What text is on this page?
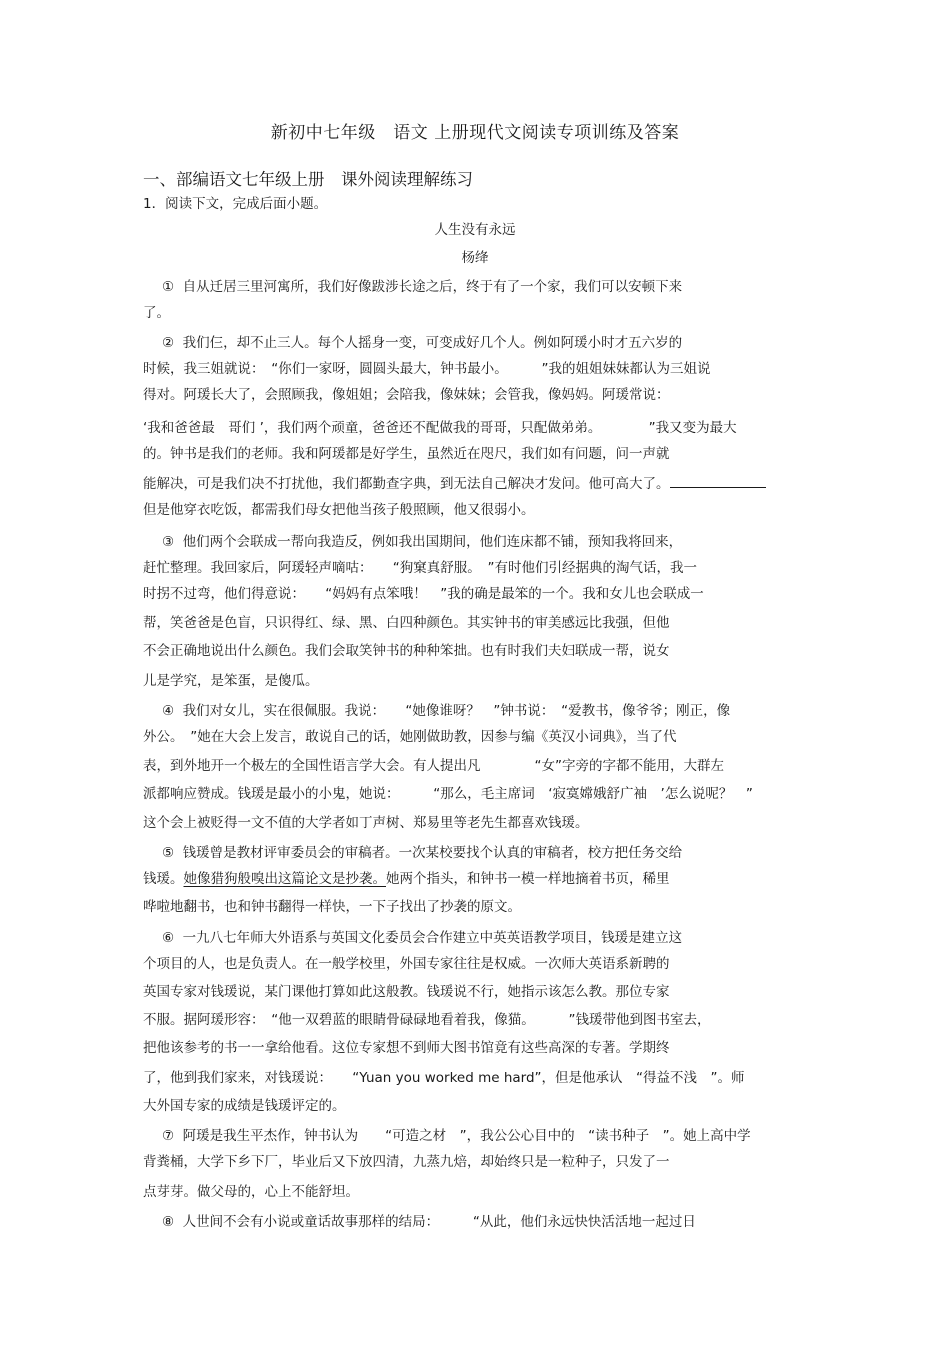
新初中七年级　语文 上册现代文阅读专项训练及答案
一、部编语文七年级上册　课外阅读理解练习
1．阅读下文，完成后面小题。
人生没有永远
杨绛
①  自从迁居三里河寓所，我们好像跋涉长途之后，终于有了一个家，我们可以安顿下来
了。
②  我们仨，却不止三人。每个人摇身一变，可变成好几个人。例如阿瑗小时才五六岁的
时候，我三姐就说：　“你们一家呀，圆圆头最大，钟书最小。　　　”我的姐姐妹妹都认为三姐说
得对。阿瑗长大了，会照顾我，像姐姐；会陪我，像妹妹；会管我，像妈妈。阿瑗常说：
‘我和爸爸最　哥们 ’，我们两个顽童，爸爸还不配做我的哥哥，只配做弟弟。　　　　”我又变为最大
的。钟书是我们的老师。我和阿瑗都是好学生，虽然近在咫尺，我们如有问题，问一声就
能解决，可是我们决不打扰他，我们都勤查字典，到无法自己解决才发问。他可高大了。
但是他穿衣吃饭，都需我们母女把他当孩子般照顾，他又很弱小。
③  他们两个会联成一帮向我造反，例如我出国期间，他们连床都不铺，预知我将回来，
赶忙整理。我回家后，阿瑗轻声嘀咕：　　“狗窠真舒服。　”有时他们引经据典的淘气话，我一
时拐不过弯，他们得意说：　　“妈妈有点笨哦！　”我的确是最笨的一个。我和女儿也会联成一
帮，笑爸爸是色盲，只识得红、绿、黑、白四种颜色。其实钟书的审美感远比我强，但他
不会正确地说出什么颜色。我们会取笑钟书的种种笨拙。也有时我们夫妇联成一帮，说女
儿是学究，是笨蛋，是傻瓜。
④  我们对女儿，实在很佩服。我说：　　“她像谁呀？　”钟书说：　“爱教书，像爷爷；刚正，像
外公。　”她在大会上发言，敢说自己的话，她刚做助教，因参与编《英汉小词典》，当了代
表，到外地开一个极左的全国性语言学大会。有人提出凡　　　　“女”字旁的字都不能用，大群左
派都响应赞成。钱瑗是最小的小鬼，她说：　　　“那么，毛主席词　‘寂寞嫦娥舒广袖　’怎么说呢？　”
这个会上被贬得一文不值的大学者如丁声树、郑易里等老先生都喜欢钱瑗。
⑤  钱瑗曾是教材评审委员会的审稿者。一次某校要找个认真的审稿者，校方把任务交给
钱瑗。她像猎狗般嗅出这篇论文是抄袭。她两个指头，和钟书一模一样地摘着书页，稀里
哗啦地翻书，也和钟书翻得一样快，一下子找出了抄袭的原文。
⑥  一九八七年师大外语系与英国文化委员会合作建立中英英语教学项目，钱瑗是建立这
个项目的人，也是负责人。在一般学校里，外国专家往往是权威。一次师大英语系新聘的
英国专家对钱瑗说，某门课他打算如此这般教。钱瑗说不行，她指示该怎么教。那位专家
不服。据阿瑗形容：　“他一双碧蓝的眼睛骨碌碌地看着我，像猫。　　　”钱瑗带他到图书室去，
把他该参考的书一一拿给他看。这位专家想不到师大图书馆竟有这些高深的专著。学期终
了，他到我们家来，对钱瑗说：　　“Yuan you worked me hard”，但是他承认　“得益不浅　”。师
大外国专家的成绩是钱瑗评定的。
⑦  阿瑗是我生平杰作，钟书认为　　“可造之材　”，我公公心目中的　“读书种子　”。她上高中学
背粪桶，大学下乡下厂，毕业后又下放四清，九蒸九焙，却始终只是一粒种子，只发了一
点芽芽。做父母的，心上不能舒坦。
⑧  人世间不会有小说或童话故事那样的结局：　　　“从此，他们永远快快活活地一起过日
